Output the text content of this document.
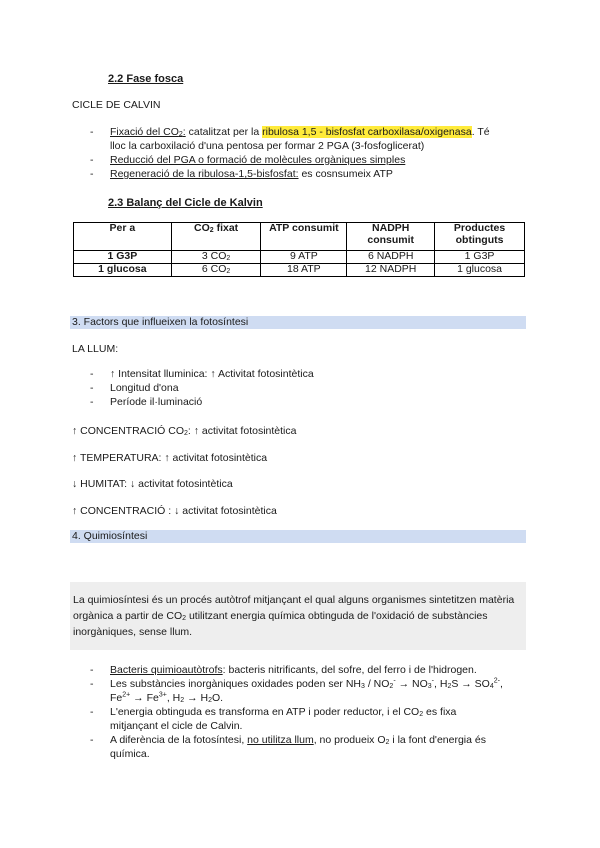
2.2 Fase fosca
CICLE DE CALVIN
- Fixació del $CO_2$: catalitzat per la ribulosa 1,5 - bisfosfat carboxilasa/oxigenasa. Té
lloc la carboxilació d'una pentosa per formar 2 PGA (3-fosfoglicerat)
- Reducció del PGA o formació de molècules orgàniques simples
- Regeneració de la ribulosa-1,5-bisfosfat: es cosnsumeix ATP
2.3 Balanç del Cicle de Kalvin
Per a	$CO_2$ fixat	ATP consumit	NADPH consumit	Productes obtinguts
1 G3P	3 $CO_2$	9 ATP	6 NADPH	1 G3P
1 glucosa	6 $CO_2$	18 ATP	12 NADPH	1 glucosa
3. Factors que influeixen la fotosíntesi
LA LLUM:
- ↑ Intensitat lluminica: ↑ Activitat fotosintètica
- Longitud d'ona
- Període il·luminació
↑ CONCENTRACIÓ $CO_2$: ↑ activitat fotosintètica
↑ TEMPERATURA: ↑ activitat fotosintètica
↓ HUMITAT: ↓ activitat fotosintètica
↑ CONCENTRACIÓ : ↓ activitat fotosintètica
4. Quimiosíntesi
La quimiosíntesi és un procés autòtrof mitjançant el qual alguns organismes sintetitzen matèria orgànica a partir de $CO_2$ utilitzant energia química obtinguda de l'oxidació de substàncies inorgàniques, sense llum.
- Bacteris quimioautòtrofs: bacteris nitrificants, del sofre, del ferro i de l'hidrogen.
- Les substàncies inorgàniques oxidades poden ser $NH_3 / NO_2^- \to NO_3^-$, $H_2S \to SO_4^{2-}$,
$Fe^{2+} \to Fe^{3+}$, $H_2 \to H_2O$.
- L'energia obtinguda es transforma en ATP i poder reductor, i el $CO_2$ es fixa
mitjançant el cicle de Calvin.
- A diferència de la fotosíntesi, no utilitza llum, no produeix $O_2$ i la font d'energia és
química.
